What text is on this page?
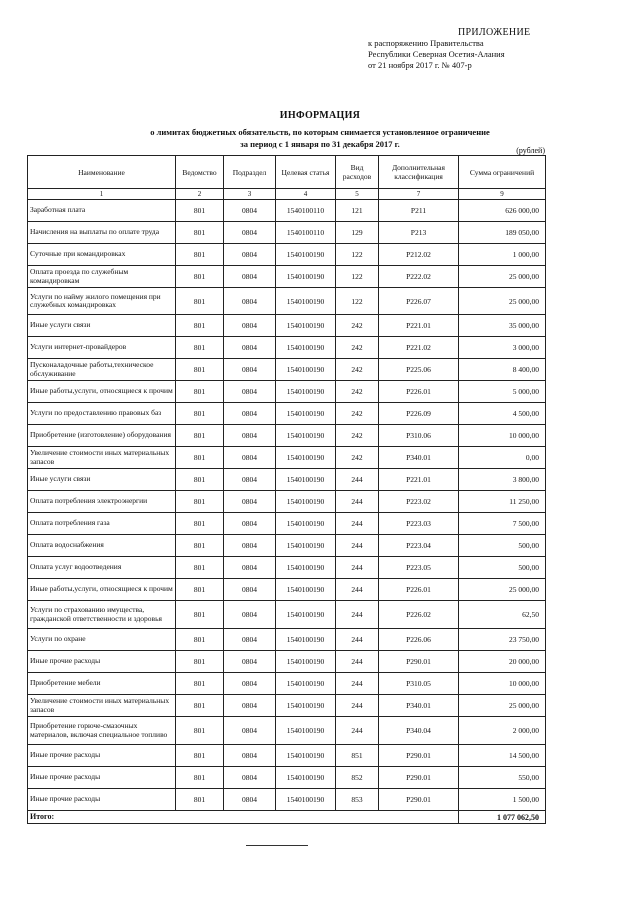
ПРИЛОЖЕНИЕ
к распоряжению Правительства
Республики Северная Осетия-Алания
от 21 ноября 2017 г. № 407-р
ИНФОРМАЦИЯ
о лимитах бюджетных обязательств, по которым снимается установленное ограничение
за период с 1 января по 31 декабря 2017 г.
(рублей)
Наименование	Ведомство	Подраздел	Целевая статья	Вид расходов	Дополнительная классификация	Сумма ограничений
1	2	3	4	5	7	9
Заработная плата	801	0804	1540100110	121	Р211	626 000,00
Начисления на выплаты по оплате труда	801	0804	1540100110	129	Р213	189 050,00
Суточные при командировках	801	0804	1540100190	122	Р212.02	1 000,00
Оплата проезда по служебным командировкам	801	0804	1540100190	122	Р222.02	25 000,00
Услуги по найму жилого помещения при служебных командировках	801	0804	1540100190	122	Р226.07	25 000,00
Иные услуги связи	801	0804	1540100190	242	Р221.01	35 000,00
Услуги интернет-провайдеров	801	0804	1540100190	242	Р221.02	3 000,00
Пусконаладочные работы,техническое обслуживание	801	0804	1540100190	242	Р225.06	8 400,00
Иные работы,услуги, относящиеся к прочим	801	0804	1540100190	242	Р226.01	5 000,00
Услуги по предоставлению правовых баз	801	0804	1540100190	242	Р226.09	4 500,00
Приобретение (изготовление) оборудования	801	0804	1540100190	242	Р310.06	10 000,00
Увеличение стоимости иных материальных запасов	801	0804	1540100190	242	Р340.01	0,00
Иные услуги связи	801	0804	1540100190	244	Р221.01	3 800,00
Оплата потребления электроэнергии	801	0804	1540100190	244	Р223.02	11 250,00
Оплата потребления газа	801	0804	1540100190	244	Р223.03	7 500,00
Оплата водоснабжения	801	0804	1540100190	244	Р223.04	500,00
Оплата услуг водоотведения	801	0804	1540100190	244	Р223.05	500,00
Иные работы,услуги, относящиеся к прочим	801	0804	1540100190	244	Р226.01	25 000,00
Услуги по страхованию имущества, гражданской ответственности и здоровья	801	0804	1540100190	244	Р226.02	62,50
Услуги по охране	801	0804	1540100190	244	Р226.06	23 750,00
Иные прочие расходы	801	0804	1540100190	244	Р290.01	20 000,00
Приобретение мебели	801	0804	1540100190	244	Р310.05	10 000,00
Увеличение стоимости иных материальных запасов	801	0804	1540100190	244	Р340.01	25 000,00
Приобретение горюче-смазочных материалов, включая специальное топливо	801	0804	1540100190	244	Р340.04	2 000,00
Иные прочие расходы	801	0804	1540100190	851	Р290.01	14 500,00
Иные прочие расходы	801	0804	1540100190	852	Р290.01	550,00
Иные прочие расходы	801	0804	1540100190	853	Р290.01	1 500,00
Итого:						1 077 062,50
